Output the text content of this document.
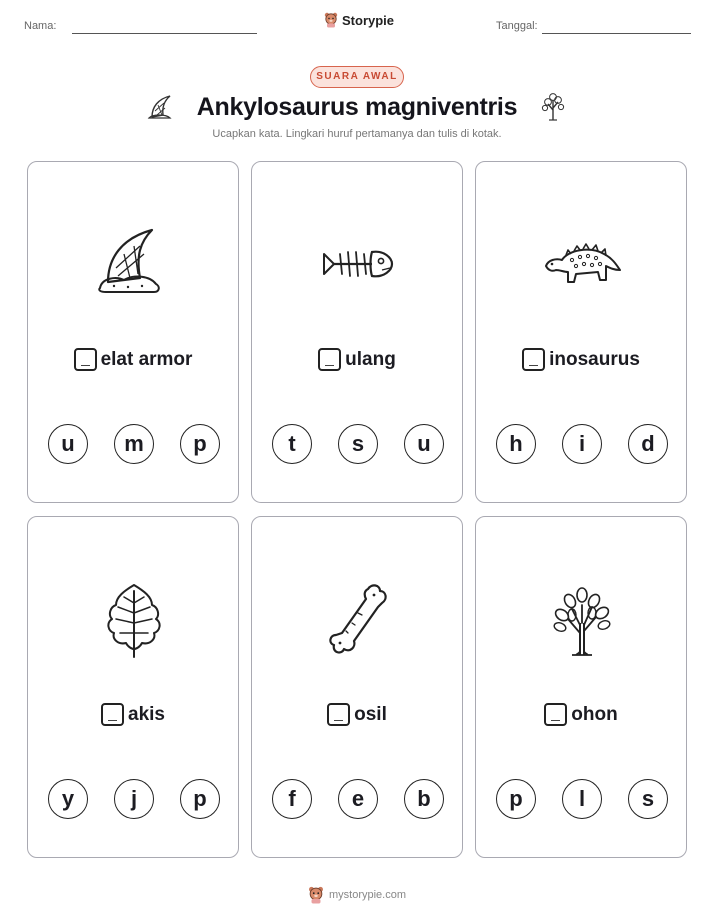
Nama:	Storypie	Tanggal:
SUARA AWAL
Ankylosaurus magniventris
Ucapkan kata. Lingkari huruf pertamanya dan tulis di kotak.
elat armor
u	m	p
ulang
t	s	u
inosaurus
h	i	d
akis
y	j	p
osil
f	e	b
ohon
p	l	s
mystorypie.com
